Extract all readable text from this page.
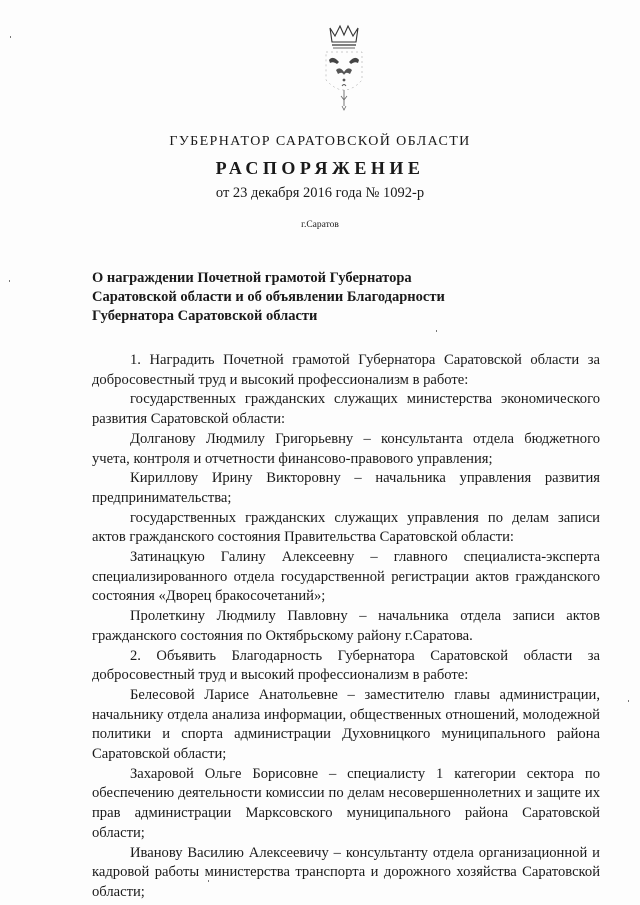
ГУБЕРНАТОР САРАТОВСКОЙ ОБЛАСТИ
РАСПОРЯЖЕНИЕ
от 23 декабря 2016 года № 1092-р
г.Саратов
О награждении Почетной грамотой Губернатора
Саратовской области и об объявлении Благодарности
Губернатора Саратовской области

1. Наградить Почетной грамотой Губернатора Саратовской области за добросовестный труд и высокий профессионализм в работе:

государственных гражданских служащих министерства экономического развития Саратовской области:

Долганову Людмилу Григорьевну – консультанта отдела бюджетного учета, контроля и отчетности финансово-правового управления;

Кириллову Ирину Викторовну – начальника управления развития предпринимательства;

государственных гражданских служащих управления по делам записи актов гражданского состояния Правительства Саратовской области:

Затинацкую Галину Алексеевну – главного специалиста-эксперта специализированного отдела государственной регистрации актов гражданского состояния «Дворец бракосочетаний»;

Пролеткину Людмилу Павловну – начальника отдела записи актов гражданского состояния по Октябрьскому району г.Саратова.

2. Объявить Благодарность Губернатора Саратовской области за добросовестный труд и высокий профессионализм в работе:

Белесовой Ларисе Анатольевне – заместителю главы администрации, начальнику отдела анализа информации, общественных отношений, молодежной политики и спорта администрации Духовницкого муниципального района Саратовской области;

Захаровой Ольге Борисовне – специалисту 1 категории сектора по обеспечению деятельности комиссии по делам несовершеннолетних и защите их прав администрации Марксовского муниципального района Саратовской области;

Иванову Василию Алексеевичу – консультанту отдела организационной и кадровой работы министерства транспорта и дорожного хозяйства Саратовской области;
